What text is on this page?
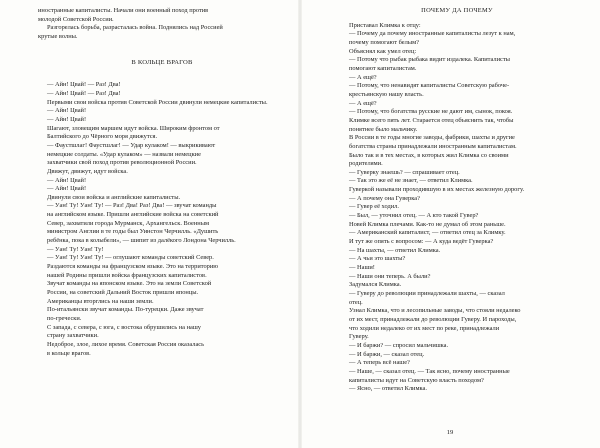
иностранные капиталисты. Начали они военный поход против

молодой Советской России.

Разгорелась борьба, разрасталась война. Поднялись над Россией

крутые волны.

В КОЛЬЦЕ ВРАГОВ

— Айн! Цвай! — Раз! Два!

— Айн! Цвай! — Раз! Два!

Первыми свои войска против Советской России двинули немецкие капиталисты.

— Айн! Цвай!

— Айн! Цвай!

Шагают, зловещим маршем идут войска. Широким фронтом от

Балтийского до Чёрного моря движутся.

— Фаустшлаг! Фаустшлаг! — Удар кулаком! — выкрикивают

немецкие солдаты. «Удар кулаком» — назвали немецкие

захватчики свой поход против революционной России.

Движут, движут, идут войска.

— Айн! Цвай!

— Айн! Цвай!

Двинули свои войска и английские капиталисты.

— Уан! Ту! Уан! Ту! — Раз! Два! Раз! Два! — звучат команды

на английском языке. Пришли английские войска на советский

Север, захватили города Мурманск, Архангельск. Военным

министром Англии в те годы был Уинстон Черчилль. «Душить

ребёнка, пока в колыбели», — шипит из далёкого Лондона Черчилль.

— Уан! Ту! Уан! Ту!

— Уан! Ту! Уан! Ту! — оглушают команды советский Север.

Раздаются команды на французском языке. Это на территорию

нашей Родины пришли войска французских капиталистов.

Звучат команды на японском языке. Это на земли Советской

России, на советский Дальний Восток пришли японцы.

Американцы вторглись на наши земли.

По-итальянски звучат команды. По-турецки. Даже звучат

по-гречески.

С запада, с севера, с юга, с востока обрушились на нашу

страну захватчики.

Недоброе, злое, лихое время. Советская Россия оказалась

в кольце врагов.

ПОЧЕМУ ДА ПОЧЕМУ

Приставал Климка к отцу:

— Почему да почему иностранные капиталисты лезут к нам,

почему помогают белым?

Объяснял как умел отец:

— Потому что рыбак рыбака видит издалека. Капиталисты

помогают капиталистам.

— А ещё?

— Потому, что ненавидят капиталисты Советскую рабоче-

крестьянскую нашу власть.

— А ещё?

— Потому, что богатства русские не дают им, сынок, покоя.

Климке всего пять лет. Старается отец объяснить так, чтобы

понятнее было мальчику.

В России в те годы многие заводы, фабрики, шахты и другие

богатства страны принадлежали иностранным капиталистам.

Было так и в тех местах, в которых жил Климка со своими

родителями.

— Гуверку знаешь? — спрашивает отец.

— Так это же её не знает, — ответил Климка.

Гуверкой называли проходившую в их местах железную дорогу.

— А почему она Гуверка?

— Гувер её ходил.

— Был, — уточнил отец. — А кто такой Гувер?

Новей Климка плечами. Как-то не думал об этом раньше.

— Американский капиталист, — ответил отец за Климку.

И тут же опять с вопросом: — А куда ведёт Гуверка?

— На шахты, — ответил Климка.

— А чьи это шахты?

— Наши!

— Наши они теперь. А были?

Задумался Климка.

— Гуверу до революции принадлежали шахты, — сказал

отец.

Узнал Климка, что и лесопильные заводы, что стояли недалеко

от их мест, принадлежали до революции Гуверу. И пароходы,

что ходили недалеко от их мест по реке, принадлежали

Гуверу.

— И баржи? — спросил мальчишка.

— И баржи, — сказал отец.

— А теперь всё наше?

— Наше, — сказал отец. — Так ясно, почему иностранные

капиталисты идут на Советскую власть походом?

— Ясно, — ответил Климка.

19
